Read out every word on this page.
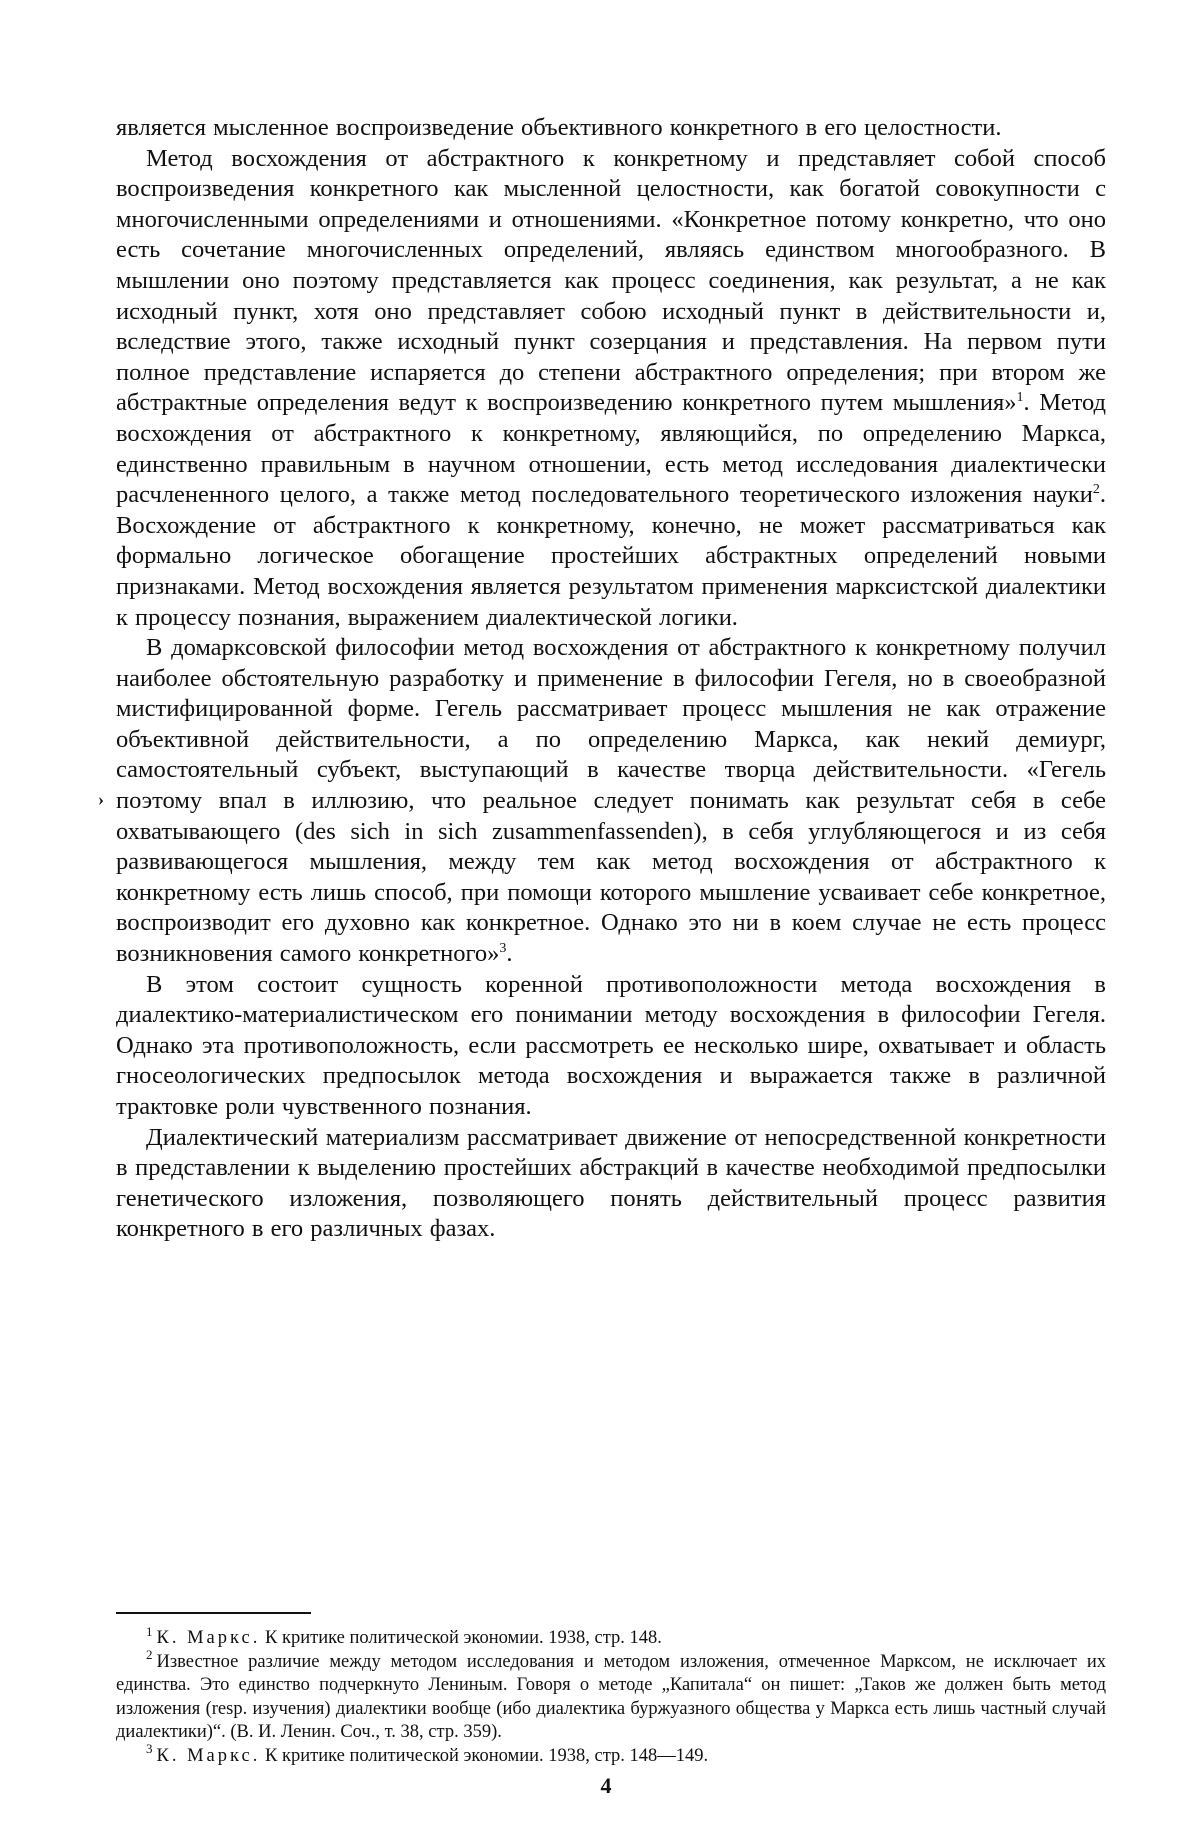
является мысленное воспроизведение объективного конкретного в его целостности.

Метод восхождения от абстрактного к конкретному и представляет собой способ воспроизведения конкретного как мысленной целостности, как богатой совокупности с многочисленными определениями и отношениями. «Конкретное потому конкретно, что оно есть сочетание многочисленных определений, являясь единством многообразного. В мышлении оно поэтому представляется как процесс соединения, как результат, а не как исходный пункт, хотя оно представляет собою исходный пункт в действительности и, вследствие этого, также исходный пункт созерцания и представления. На первом пути полное представление испаряется до степени абстрактного определения; при втором же абстрактные определения ведут к воспроизведению конкретного путем мышления»$^1$. Метод восхождения от абстрактного к конкретному, являющийся, по определению Маркса, единственно правильным в научном отношении, есть метод исследования диалектически расчлененного целого, а также метод последовательного теоретического изложения науки$^2$. Восхождение от абстрактного к конкретному, конечно, не может рассматриваться как формально логическое обогащение простейших абстрактных определений новыми признаками. Метод восхождения является результатом применения марксистской диалектики к процессу познания, выражением диалектической логики.

В домарксовской философии метод восхождения от абстрактного к конкретному получил наиболее обстоятельную разработку и применение в философии Гегеля, но в своеобразной мистифицированной форме. Гегель рассматривает процесс мышления не как отражение объективной действительности, а по определению Маркса, как некий демиург, самостоятельный субъект, выступающий в качестве творца действительности. «Гегель поэтому впал в иллюзию, что реальное следует понимать как результат себя в себе охватывающего (des sich in sich zusammenfassenden), в себя углубляющегося и из себя развивающегося мышления, между тем как метод восхождения от абстрактного к конкретному есть лишь способ, при помощи которого мышление усваивает себе конкретное, воспроизводит его духовно как конкретное. Однако это ни в коем случае не есть процесс возникновения самого конкретного»$^3$.

В этом состоит сущность коренной противоположности метода восхождения в диалектико-материалистическом его понимании методу восхождения в философии Гегеля. Однако эта противоположность, если рассмотреть ее несколько шире, охватывает и область гносеологических предпосылок метода восхождения и выражается также в различной трактовке роли чувственного познания.

Диалектический материализм рассматривает движение от непосредственной конкретности в представлении к выделению простейших абстракций в качестве необходимой предпосылки генетического изложения, позволяющего понять действительный процесс развития конкретного в его различных фазах.

›

$^1$ К. Маркс. К критике политической экономии. 1938, стр. 148.

$^2$ Известное различие между методом исследования и методом изложения, отмеченное Марксом, не исключает их единства. Это единство подчеркнуто Лениным. Говоря о методе „Капитала“ он пишет: „Таков же должен быть метод изложения (resp. изучения) диалектики вообще (ибо диалектика буржуазного общества у Маркса есть лишь частный случай диалектики)“. (В. И. Ленин. Соч., т. 38, стр. 359).

$^3$ К. Маркс. К критике политической экономии. 1938, стр. 148—149.

4
